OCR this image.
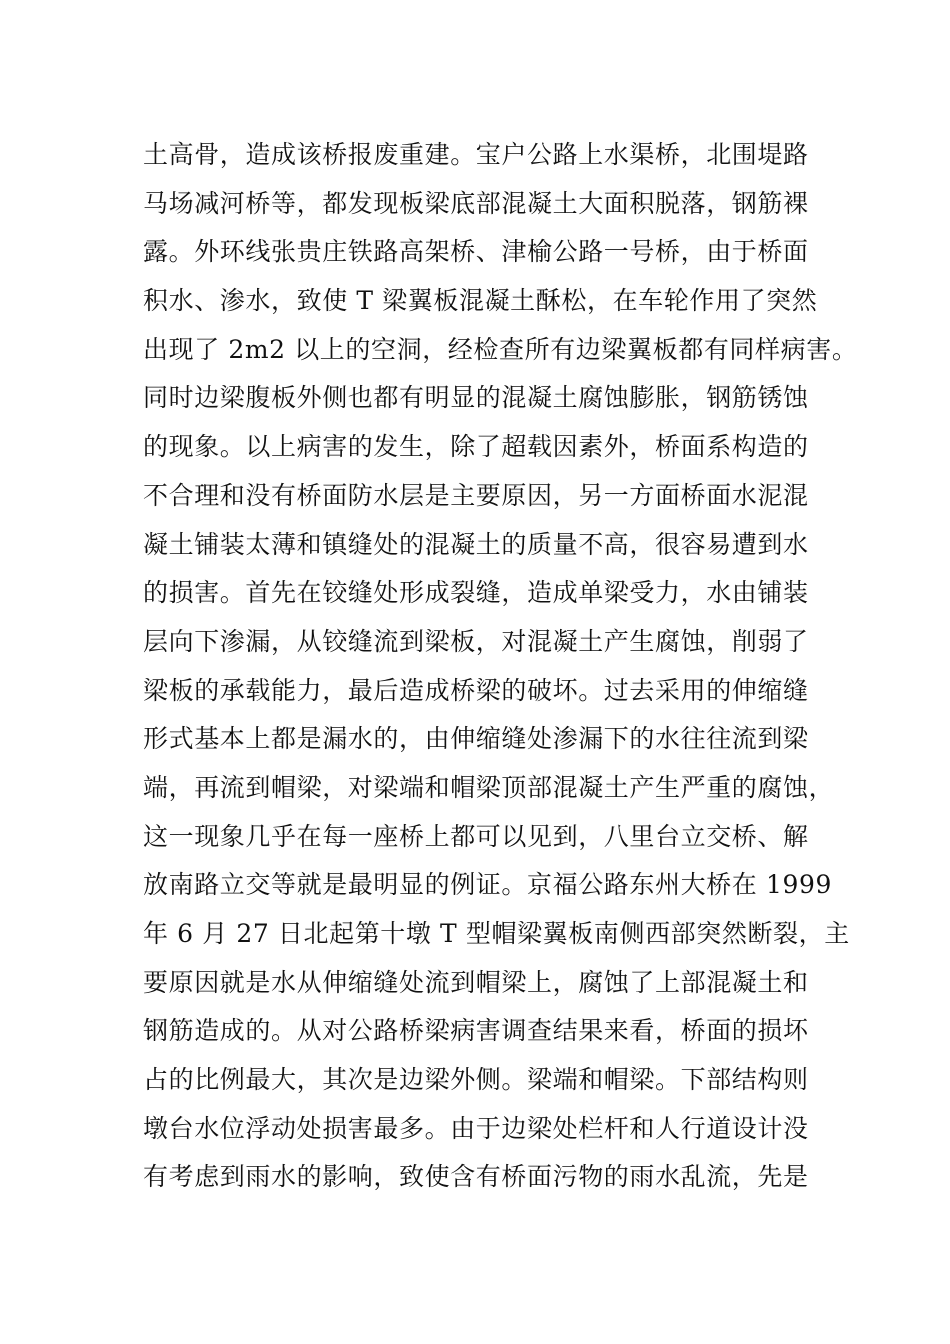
土高骨，造成该桥报废重建。宝户公路上水渠桥，北围堤路
马场减河桥等，都发现板梁底部混凝土大面积脱落，钢筋裸
露。外环线张贵庄铁路高架桥、津榆公路一号桥，由于桥面
积水、渗水，致使 T 梁翼板混凝土酥松，在车轮作用了突然
出现了 2m2 以上的空洞，经检查所有边梁翼板都有同样病害。
同时边梁腹板外侧也都有明显的混凝土腐蚀膨胀，钢筋锈蚀
的现象。以上病害的发生，除了超载因素外，桥面系构造的
不合理和没有桥面防水层是主要原因，另一方面桥面水泥混
凝土铺装太薄和镇缝处的混凝土的质量不高，很容易遭到水
的损害。首先在铰缝处形成裂缝，造成单梁受力，水由铺装
层向下渗漏，从铰缝流到梁板，对混凝土产生腐蚀，削弱了
梁板的承载能力，最后造成桥梁的破坏。过去采用的伸缩缝
形式基本上都是漏水的，由伸缩缝处渗漏下的水往往流到梁
端，再流到帽梁，对梁端和帽梁顶部混凝土产生严重的腐蚀，
这一现象几乎在每一座桥上都可以见到，八里台立交桥、解
放南路立交等就是最明显的例证。京福公路东州大桥在 1999
年 6 月 27 日北起第十墩 T 型帽梁翼板南侧西部突然断裂，主
要原因就是水从伸缩缝处流到帽梁上，腐蚀了上部混凝土和
钢筋造成的。从对公路桥梁病害调查结果来看，桥面的损坏
占的比例最大，其次是边梁外侧。梁端和帽梁。下部结构则
墩台水位浮动处损害最多。由于边梁处栏杆和人行道设计没
有考虑到雨水的影响，致使含有桥面污物的雨水乱流，先是
